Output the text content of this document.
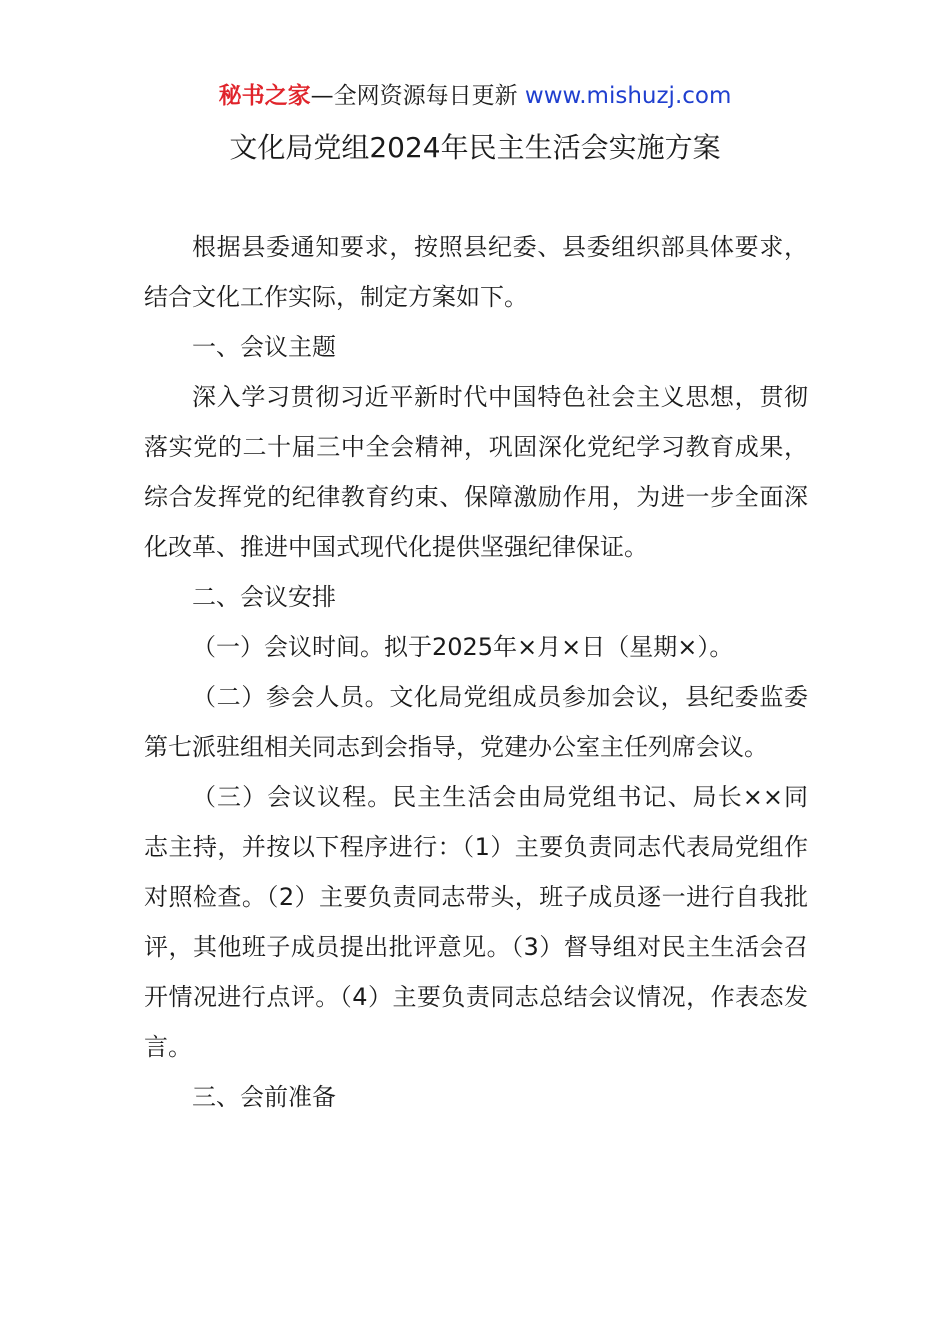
秘书之家—全网资源每日更新 www.mishuzj.com
文化局党组2024年民主生活会实施方案

根据县委通知要求，按照县纪委、县委组织部具体要求，结合文化工作实际，制定方案如下。

一、会议主题

深入学习贯彻习近平新时代中国特色社会主义思想，贯彻落实党的二十届三中全会精神，巩固深化党纪学习教育成果，综合发挥党的纪律教育约束、保障激励作用，为进一步全面深化改革、推进中国式现代化提供坚强纪律保证。

二、会议安排

（一）会议时间。拟于2025年×月×日（星期×）。

（二）参会人员。文化局党组成员参加会议，县纪委监委第七派驻组相关同志到会指导，党建办公室主任列席会议。

（三）会议议程。民主生活会由局党组书记、局长××同志主持，并按以下程序进行：（1）主要负责同志代表局党组作对照检查。（2）主要负责同志带头，班子成员逐一进行自我批评，其他班子成员提出批评意见。（3）督导组对民主生活会召开情况进行点评。（4）主要负责同志总结会议情况，作表态发言。

三、会前准备
